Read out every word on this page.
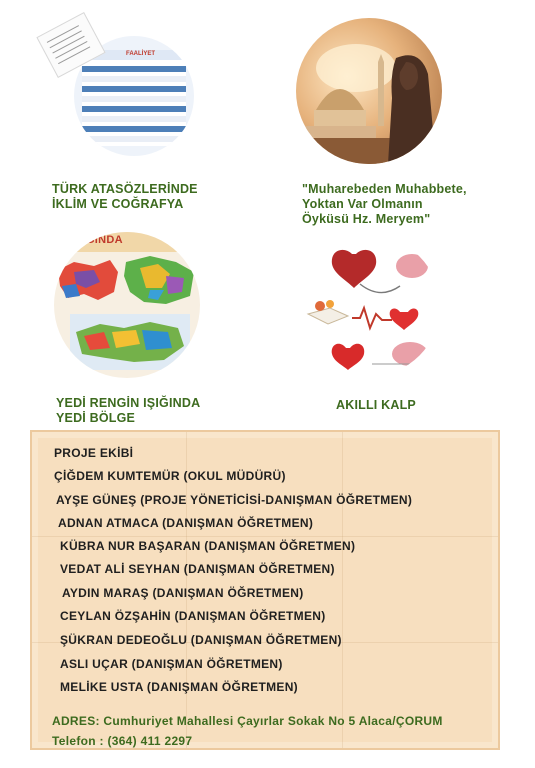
FAALİYET
TÜRK ATASÖZLERİNDE
İKLİM VE COĞRAFYA
"Muharebeden Muhabbete,
Yoktan Var Olmanın
Öyküsü Hz. Meryem"
N IŞIĞINDA
YEDİ RENGİN IŞIĞINDA
YEDİ BÖLGE
AKILLI KALP
PROJE EKİBİ
ÇİĞDEM KUMTEMÜR (OKUL MÜDÜRÜ)
AYŞE GÜNEŞ (PROJE YÖNETİCİSİ-DANIŞMAN ÖĞRETMEN)
ADNAN ATMACA (DANIŞMAN ÖĞRETMEN)
KÜBRA NUR BAŞARAN (DANIŞMAN ÖĞRETMEN)
VEDAT ALİ SEYHAN (DANIŞMAN ÖĞRETMEN)
AYDIN MARAŞ (DANIŞMAN ÖĞRETMEN)
CEYLAN ÖZŞAHİN (DANIŞMAN ÖĞRETMEN)
ŞÜKRAN DEDEOĞLU (DANIŞMAN ÖĞRETMEN)
ASLI UÇAR (DANIŞMAN ÖĞRETMEN)
MELİKE USTA (DANIŞMAN ÖĞRETMEN)
ADRES: Cumhuriyet Mahallesi Çayırlar Sokak No 5 Alaca/ÇORUM
Telefon : (364) 411 2297
